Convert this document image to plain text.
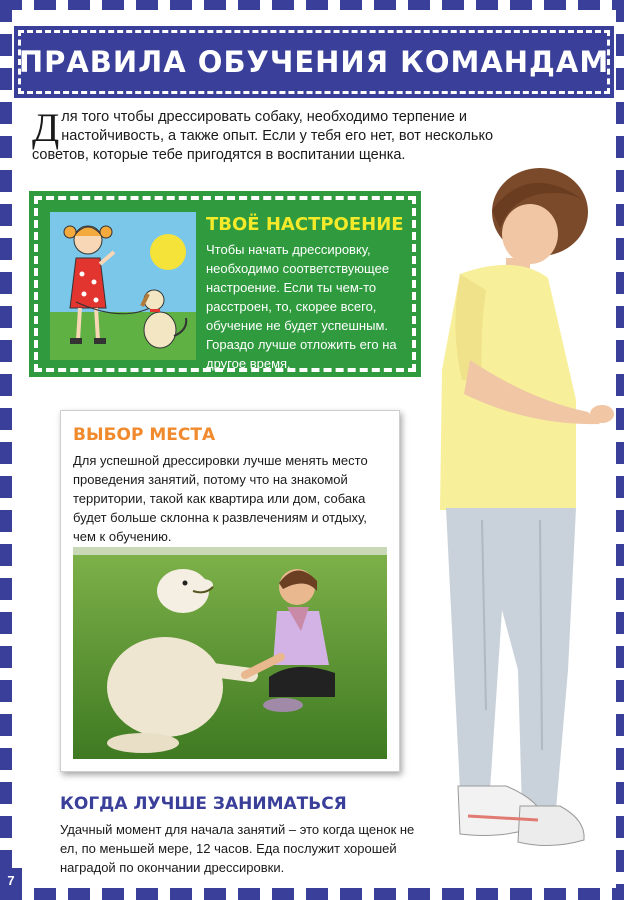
ПРАВИЛА ОБУЧЕНИЯ КОМАНДАМ
Для того чтобы дрессировать собаку, необходимо терпение и настойчивость, а также опыт. Если у тебя его нет, вот несколько советов, которые тебе пригодятся в воспитании щенка.
ТВОЁ НАСТРОЕНИЕ
Чтобы начать дрессировку, необходимо соответствующее настроение. Если ты чем-то расстроен, то, скорее всего, обучение не будет успешным. Гораздо лучше отложить его на другое время.
ВЫБОР МЕСТА
Для успешной дрессировки лучше менять место проведения занятий, потому что на знакомой территории, такой как квартира или дом, собака будет больше склонна к развлечениям и отдыху, чем к обучению.
КОГДА ЛУЧШЕ ЗАНИМАТЬСЯ
Удачный момент для начала занятий – это когда щенок не ел, по меньшей мере, 12 часов. Еда послужит хорошей наградой по окончании дрессировки.
7
